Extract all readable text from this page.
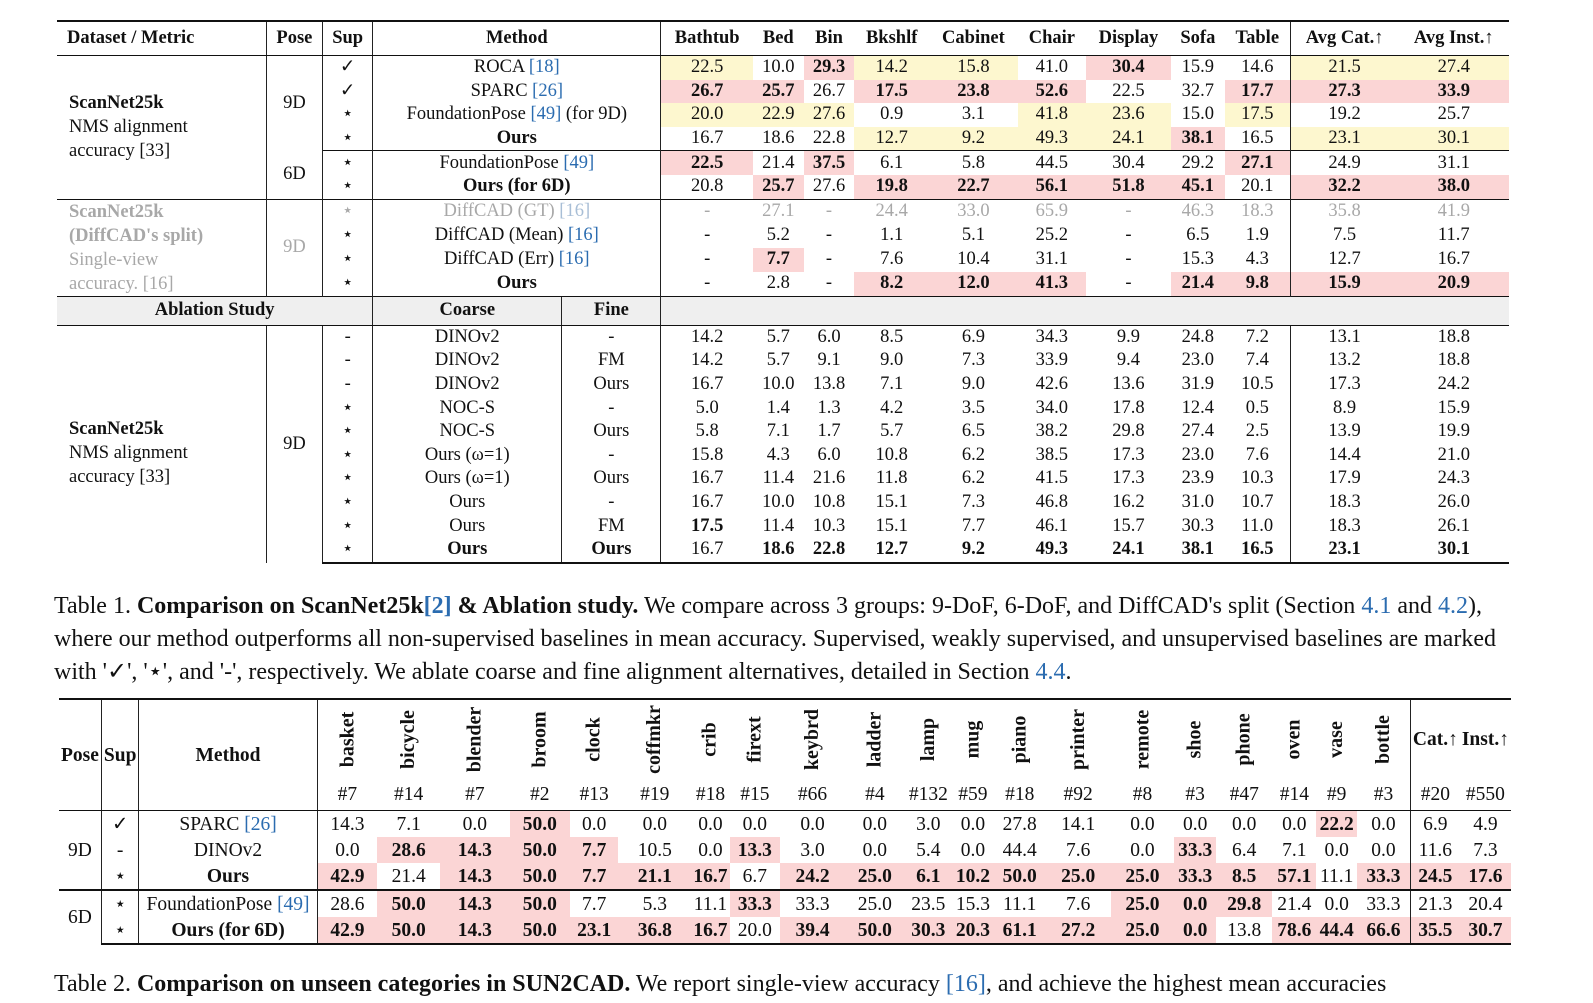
Dataset / Metric	Pose	Sup	Method		Bathtub	Bed	Bin	Bkshlf	Cabinet	Chair	Display	Sofa	Table	Avg Cat.↑	Avg Inst.↑

ScanNet25k
NMS alignment accuracy [33]	9D	✓	ROCA [18]		22.5	10.0	29.3	14.2	15.8	41.0	30.4	15.9	14.6	21.5	27.4
		✓	SPARC [26]		26.7	25.7	26.7	17.5	23.8	52.6	22.5	32.7	17.7	27.3	33.9
		⋆	FoundationPose [49] (for 9D)		20.0	22.9	27.6	0.9	3.1	41.8	23.6	15.0	17.5	19.2	25.7
		⋆	Ours		16.7	18.6	22.8	12.7	9.2	49.3	24.1	38.1	16.5	23.1	30.1
	6D	⋆	FoundationPose [49]		22.5	21.4	37.5	6.1	5.8	44.5	30.4	29.2	27.1	24.9	31.1
		⋆	Ours (for 6D)		20.8	25.7	27.6	19.8	22.7	56.1	51.8	45.1	20.1	32.2	38.0

ScanNet25k (DiffCAD's split)
Single-view accuracy. [16]	9D	⋆	DiffCAD (GT) [16]		-	27.1	-	24.4	33.0	65.9	-	46.3	18.3	35.8	41.9
		⋆	DiffCAD (Mean) [16]		-	5.2	-	1.1	5.1	25.2	-	6.5	1.9	7.5	11.7
		⋆	DiffCAD (Err) [16]		-	7.7	-	7.6	10.4	31.1	-	15.3	4.3	12.7	16.7
		⋆	Ours		-	2.8	-	8.2	12.0	41.3	-	21.4	9.8	15.9	20.9
Ablation Study			Coarse	Fine											

ScanNet25k
NMS alignment accuracy [33]	9D	-	DINOv2	-	14.2	5.7	6.0	8.5	6.9	34.3	9.9	24.8	7.2	13.1	18.8
		-	DINOv2	FM	14.2	5.7	9.1	9.0	7.3	33.9	9.4	23.0	7.4	13.2	18.8
		-	DINOv2	Ours	16.7	10.0	13.8	7.1	9.0	42.6	13.6	31.9	10.5	17.3	24.2
		⋆	NOC-S	-	5.0	1.4	1.3	4.2	3.5	34.0	17.8	12.4	0.5	8.9	15.9
		⋆	NOC-S	Ours	5.8	7.1	1.7	5.7	6.5	38.2	29.8	27.4	2.5	13.9	19.9
		⋆	Ours (ω=1)	-	15.8	4.3	6.0	10.8	6.2	38.5	17.3	23.0	7.6	14.4	21.0
		⋆	Ours (ω=1)	Ours	16.7	11.4	21.6	11.8	6.2	41.5	17.3	23.9	10.3	17.9	24.3
		⋆	Ours	-	16.7	10.0	10.8	15.1	7.3	46.8	16.2	31.0	10.7	18.3	26.0
		⋆	Ours	FM	17.5	11.4	10.3	15.1	7.7	46.1	15.7	30.3	11.0	18.3	26.1
		⋆	Ours	Ours	16.7	18.6	22.8	12.7	9.2	49.3	24.1	38.1	16.5	23.1	30.1
Table 1. Comparison on ScanNet25k[2] & Ablation study. We compare across 3 groups: 9-DoF, 6-DoF, and DiffCAD's split (Section 4.1 and 4.2), where our method outperforms all non-supervised baselines in mean accuracy. Supervised, weakly supervised, and unsupervised baselines are marked with '✓', '⋆', and '-', respectively. We ablate coarse and fine alignment alternatives, detailed in Section 4.4.
Pose	Sup	Method	basket	bicycle	blender	broom	clock	coffmkr	crib	firext	keybrd	ladder	lamp	mug	piano	printer	remote	shoe	phone	oven	vase	bottle	Cat.↑	Inst.↑
			#7	#14	#7	#2	#13	#19	#18	#15	#66	#4	#132	#59	#18	#92	#8	#3	#47	#14	#9	#3	#20	#550
9D	✓	SPARC [26]	14.3	7.1	0.0	50.0	0.0	0.0	0.0	0.0	0.0	0.0	3.0	0.0	27.8	14.1	0.0	0.0	0.0	0.0	22.2	0.0	6.9	4.9
	-	DINOv2	0.0	28.6	14.3	50.0	7.7	10.5	0.0	13.3	3.0	0.0	5.4	0.0	44.4	7.6	0.0	33.3	6.4	7.1	0.0	0.0	11.6	7.3
	⋆	Ours	42.9	21.4	14.3	50.0	7.7	21.1	16.7	6.7	24.2	25.0	6.1	10.2	50.0	25.0	25.0	33.3	8.5	57.1	11.1	33.3	24.5	17.6
6D	⋆	FoundationPose [49]	28.6	50.0	14.3	50.0	7.7	5.3	11.1	33.3	33.3	25.0	23.5	15.3	11.1	7.6	25.0	0.0	29.8	21.4	0.0	33.3	21.3	20.4
	⋆	Ours (for 6D)	42.9	50.0	14.3	50.0	23.1	36.8	16.7	20.0	39.4	50.0	30.3	20.3	61.1	27.2	25.0	0.0	13.8	78.6	44.4	66.6	35.5	30.7
Table 2. Comparison on unseen categories in SUN2CAD. We report single-view accuracy [16], and achieve the highest mean accuracies
